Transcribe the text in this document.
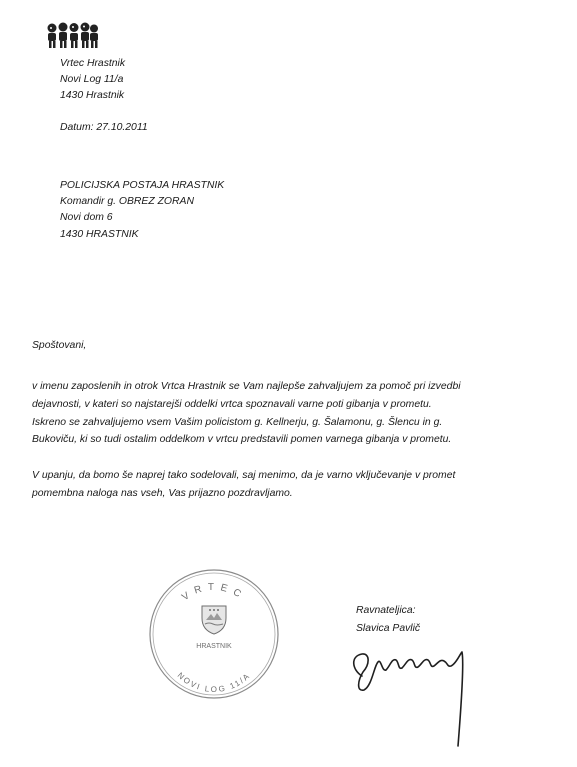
Vrtec Hrastnik
Novi Log 11/a
1430 Hrastnik
Datum: 27.10.2011
POLICIJSKA POSTAJA HRASTNIK
Komandir g. OBREZ ZORAN
Novi dom 6
1430 HRASTNIK
Spoštovani,
v imenu zaposlenih in otrok Vrtca Hrastnik se Vam najlepše zahvaljujem za pomoč pri izvedbi
dejavnosti, v kateri so najstarejši oddelki vrtca spoznavali varne poti gibanja v prometu.
Iskreno se zahvaljujemo vsem Vašim policistom g. Kellnerju, g. Šalamonu, g. Šlencu in g.
Bukoviču, ki so tudi ostalim oddelkom v vrtcu predstavili pomen varnega gibanja v prometu.
V upanju, da bomo še naprej tako sodelovali, saj menimo, da je varno vključevanje v promet
pomembna naloga nas vseh, Vas prijazno pozdravljamo.
VRTEC
NOVI LOG 11/A
HRASTNIK
Ravnateljica:
Slavica Pavlič
